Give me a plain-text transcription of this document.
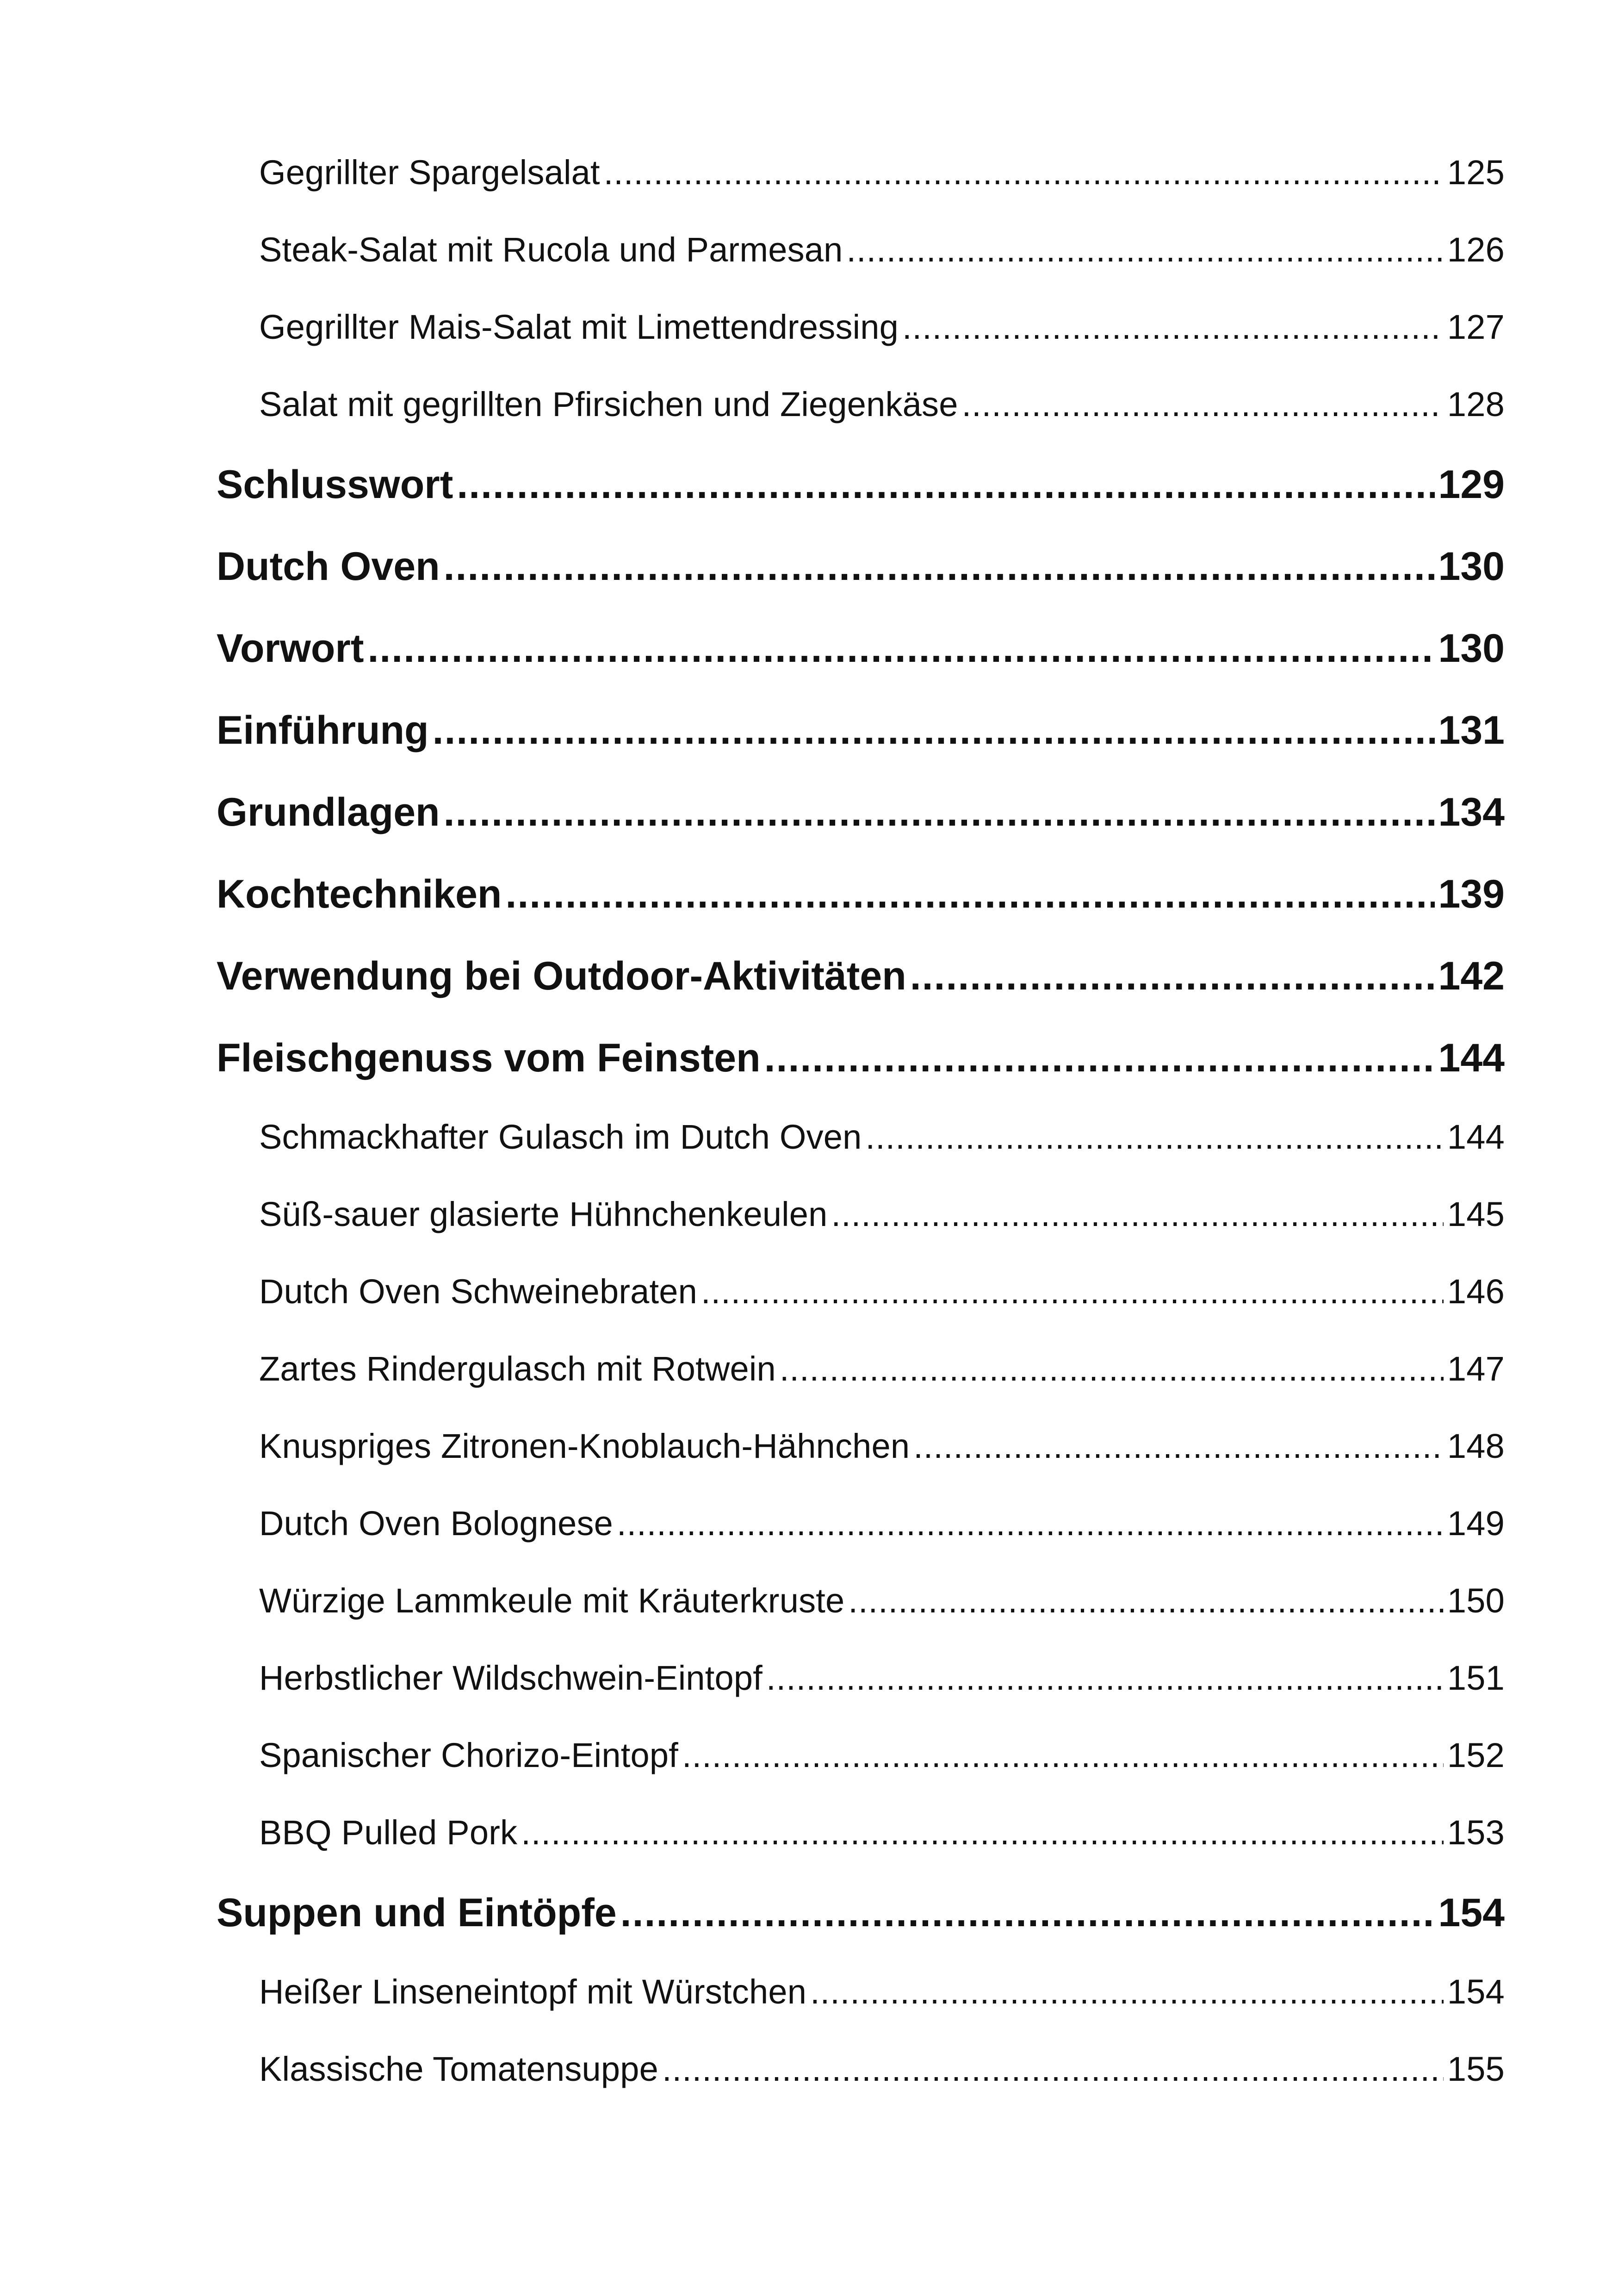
Gegrillter Spargelsalat .....	125
Steak-Salat mit Rucola und Parmesan .....	126
Gegrillter Mais-Salat mit Limettendressing .....	127
Salat mit gegrillten Pfirsichen und Ziegenkäse .....	128
Schlusswort .....	129
Dutch Oven .....	130
Vorwort .....	130
Einführung .....	131
Grundlagen .....	134
Kochtechniken .....	139
Verwendung bei Outdoor-Aktivitäten .....	142
Fleischgenuss vom Feinsten .....	144
Schmackhafter Gulasch im Dutch Oven .....	144
Süß-sauer glasierte Hühnchenkeulen .....	145
Dutch Oven Schweinebraten .....	146
Zartes Rindergulasch mit Rotwein .....	147
Knuspriges Zitronen-Knoblauch-Hähnchen .....	148
Dutch Oven Bolognese .....	149
Würzige Lammkeule mit Kräuterkruste .....	150
Herbstlicher Wildschwein-Eintopf .....	151
Spanischer Chorizo-Eintopf .....	152
BBQ Pulled Pork .....	153
Suppen und Eintöpfe .....	154
Heißer Linseneintopf mit Würstchen .....	154
Klassische Tomatensuppe .....	155
